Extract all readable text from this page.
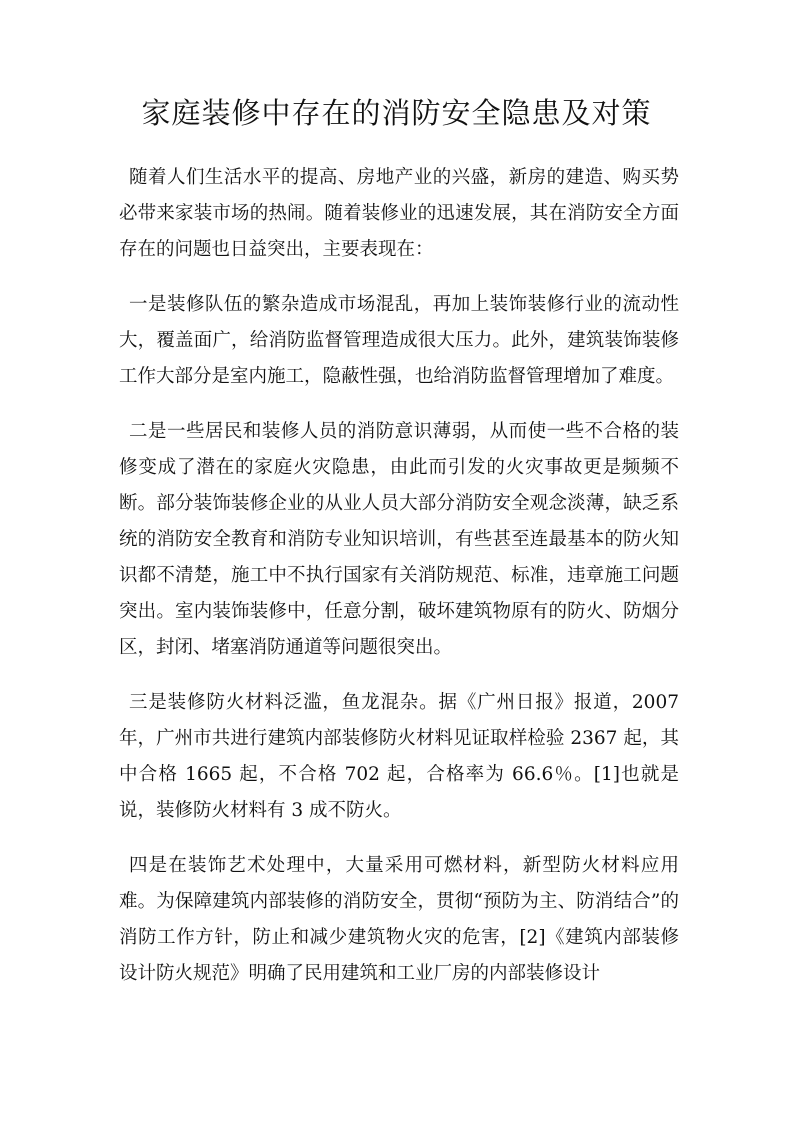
家庭装修中存在的消防安全隐患及对策

随着人们生活水平的提高、房地产业的兴盛，新房的建造、购买势必带来家装市场的热闹。随着装修业的迅速发展，其在消防安全方面存在的问题也日益突出，主要表现在：

一是装修队伍的繁杂造成市场混乱，再加上装饰装修行业的流动性大，覆盖面广，给消防监督管理造成很大压力。此外，建筑装饰装修工作大部分是室内施工，隐蔽性强，也给消防监督管理增加了难度。

二是一些居民和装修人员的消防意识薄弱，从而使一些不合格的装修变成了潜在的家庭火灾隐患，由此而引发的火灾事故更是频频不断。部分装饰装修企业的从业人员大部分消防安全观念淡薄，缺乏系统的消防安全教育和消防专业知识培训，有些甚至连最基本的防火知识都不清楚，施工中不执行国家有关消防规范、标准，违章施工问题突出。室内装饰装修中，任意分割，破坏建筑物原有的防火、防烟分区，封闭、堵塞消防通道等问题很突出。

三是装修防火材料泛滥，鱼龙混杂。据《广州日报》报道，2007年，广州市共进行建筑内部装修防火材料见证取样检验 2367 起，其中合格 1665 起，不合格 702 起，合格率为 66.6％。[1]也就是说，装修防火材料有 3 成不防火。

四是在装饰艺术处理中，大量采用可燃材料，新型防火材料应用难。为保障建筑内部装修的消防安全，贯彻“预防为主、防消结合”的消防工作方针，防止和减少建筑物火灾的危害，[2]《建筑内部装修设计防火规范》明确了民用建筑和工业厂房的内部装修设计
